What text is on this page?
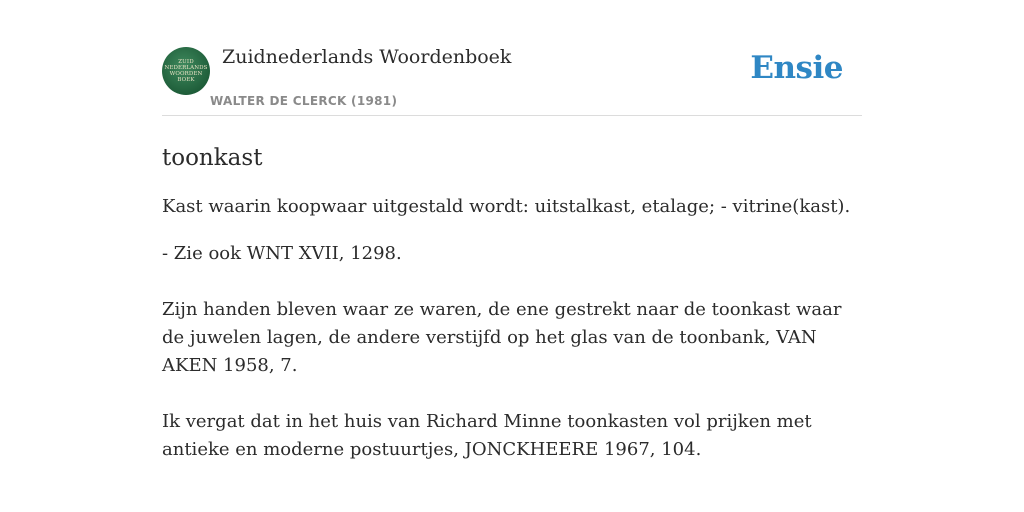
ZUID
NEDERLANDS
WOORDEN
BOEK
Zuidnederlands Woordenboek
WALTER DE CLERCK (1981)
Ensie
toonkast

Kast waarin koopwaar uitgestald wordt: uitstalkast, etalage; - vitrine(kast).

- Zie ook WNT XVII, 1298.

Zijn handen bleven waar ze waren, de ene gestrekt naar de toonkast waar de juwelen lagen, de andere verstijfd op het glas van de toonbank, VAN AKEN 1958, 7.

Ik vergat dat in het huis van Richard Minne toonkasten vol prijken met antieke en moderne postuurtjes, JONCKHEERE 1967, 104.
